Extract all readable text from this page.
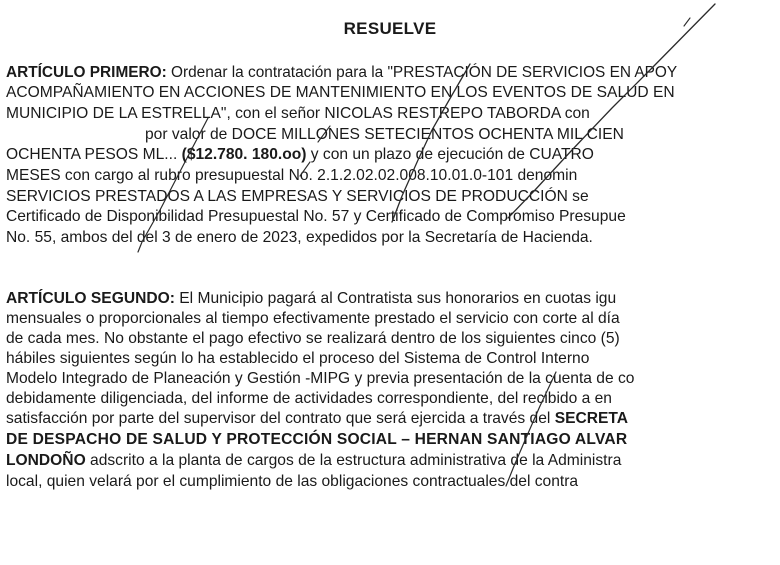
RESUELVE
ARTÍCULO PRIMERO: Ordenar la contratación para la "PRESTACIÓN DE SERVICIOS EN APOY
ACOMPAÑAMIENTO EN ACCIONES DE MANTENIMIENTO EN LOS EVENTOS DE SALUD EN
MUNICIPIO DE LA ESTRELLA", con el señor NICOLAS RESTREPO TABORDA con
por valor de DOCE MILLONES SETECIENTOS OCHENTA MIL CIEN
OCHENTA PESOS ML... ($12.780. 180.oo) y con un plazo de ejecución de CUATRO
MESES con cargo al rubro presupuestal No. 2.1.2.02.02.008.10.01.0-101 denomin
SERVICIOS PRESTADOS A LAS EMPRESAS Y SERVICIOS DE PRODUCCIÓN se
Certificado de Disponibilidad Presupuestal No. 57 y Certificado de Compromiso Presupue
No. 55, ambos del del 3 de enero de 2023, expedidos por la Secretaría de Hacienda.
ARTÍCULO SEGUNDO: El Municipio pagará al Contratista sus honorarios en cuotas igu
mensuales o proporcionales al tiempo efectivamente prestado el servicio con corte al día
de cada mes. No obstante el pago efectivo se realizará dentro de los siguientes cinco (5)
hábiles siguientes según lo ha establecido el proceso del Sistema de Control Interno
Modelo Integrado de Planeación y Gestión -MIPG y previa presentación de la cuenta de co
debidamente diligenciada, del informe de actividades correspondiente, del recibido a en
satisfacción por parte del supervisor del contrato que será ejercida a través del SECRETA
DE DESPACHO DE SALUD Y PROTECCIÓN SOCIAL – HERNAN SANTIAGO ALVAR
LONDOÑO adscrito a la planta de cargos de la estructura administrativa de la Administra
local, quien velará por el cumplimiento de las obligaciones contractuales del contra
